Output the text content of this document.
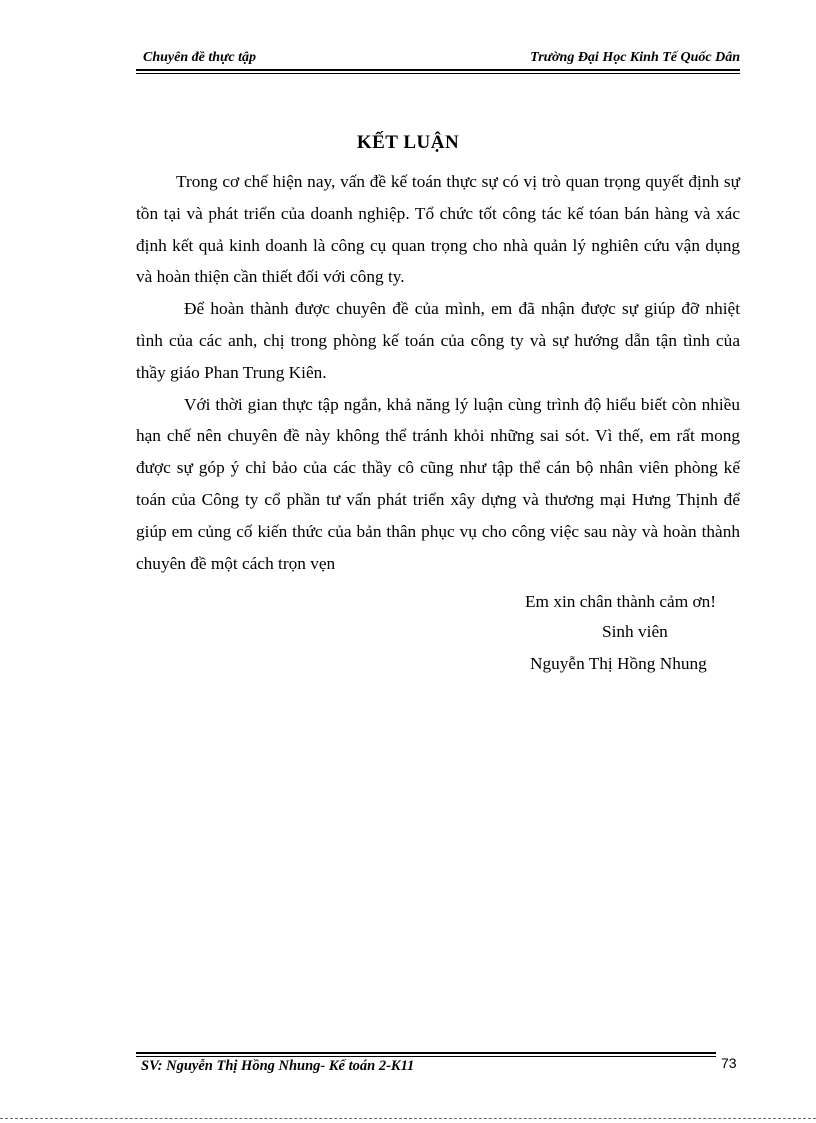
Chuyên đề thực tập	Trường Đại Học Kinh Tế Quốc Dân
KẾT LUẬN

Trong cơ chế hiện nay, vấn đề kế toán thực sự có vị trò quan trọng quyết định sự tồn tại và phát triển của doanh nghiệp. Tổ chức tốt công tác kế tóan bán hàng và xác định kết quả kinh doanh là công cụ quan trọng cho nhà quản lý nghiên cứu vận dụng và hoàn thiện cần thiết đối với công ty.

Để hoàn thành được chuyên đề của mình, em đã nhận được sự giúp đỡ nhiệt tình của các anh, chị trong phòng kế toán của công ty và sự hướng dẫn tận tình của thầy giáo Phan Trung Kiên.

Với thời gian thực tập ngắn, khả năng lý luận cùng trình độ hiểu biết còn nhiều hạn chế nên chuyên đề này không thể tránh khỏi những sai sót. Vì thế, em rất mong được sự góp ý chỉ bảo của các thầy cô cũng như tập thể cán bộ nhân viên phòng kế toán của Công ty cổ phần tư vấn phát triển xây dựng và thương mại Hưng Thịnh để giúp em củng cố kiến thức của bản thân phục vụ cho công việc sau này và hoàn thành chuyên đề một cách trọn vẹn

Em xin chân thành cảm ơn!
Sinh viên
Nguyễn Thị Hồng Nhung
SV: Nguyễn Thị Hồng Nhung- Kế toán 2-K11	73
